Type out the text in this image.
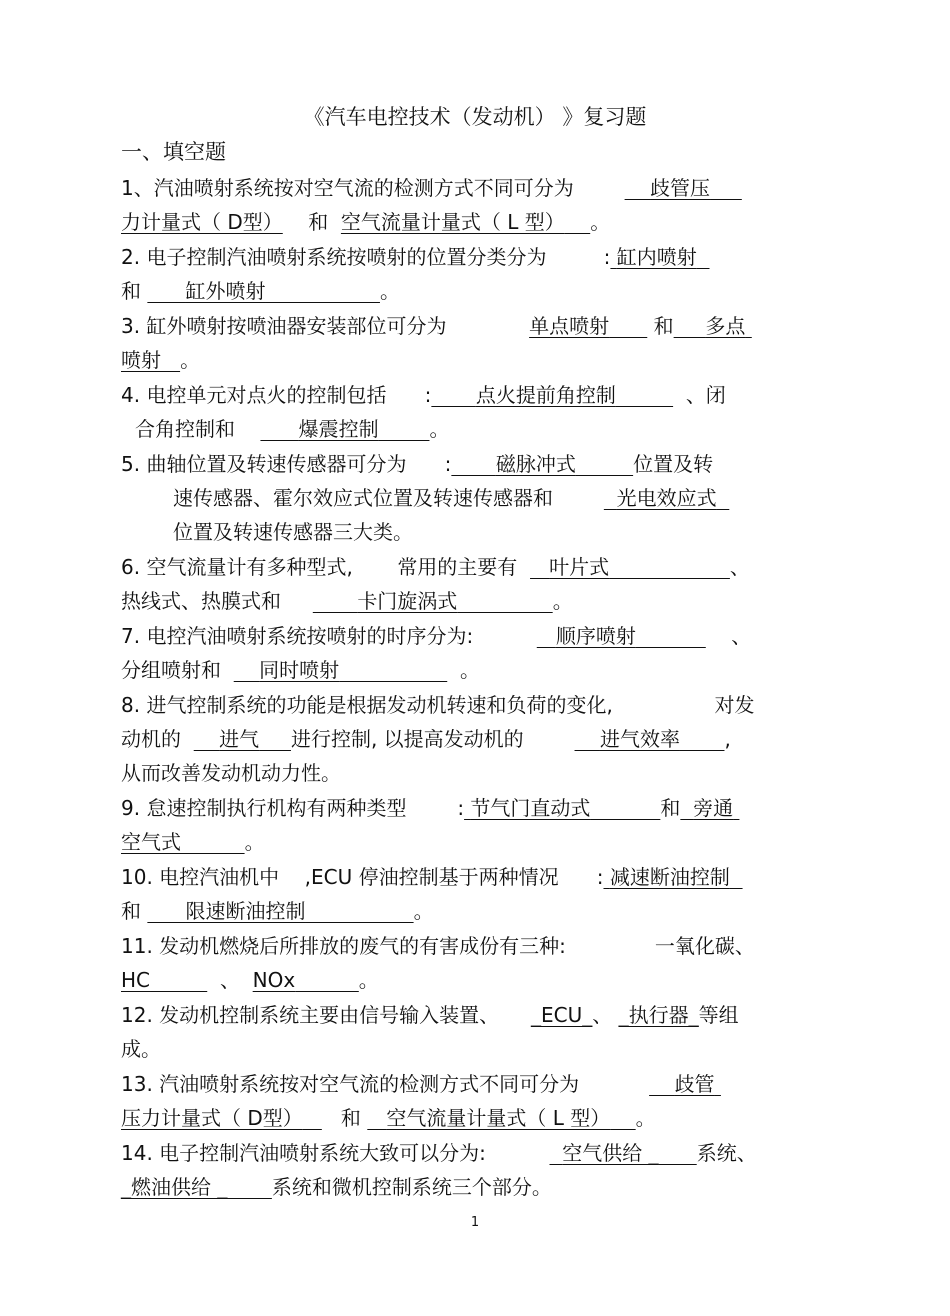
《汽车电控技术（发动机） 》复习题
一、填空题
1、汽油喷射系统按对空气流的检测方式不同可分为	歧管压
力计量式（ D型） 和 空气流量计量式（ L 型） 。
2. 电子控制汽油喷射系统按喷射的位置分类分为	: 缸内喷射
和 缸外喷射	。
3. 缸外喷射按喷油器安装部位可分为	单点喷射 和 多点
喷射 。
4. 电控单元对点火的控制包括 : 点火提前角控制	、闭
合角控制和	爆震控制	。
5. 曲轴位置及转速传感器可分为 : 磁脉冲式	位置及转
速传感器、霍尔效应式位置及转速传感器和	光电效应式
位置及转速传感器三大类。
6. 空气流量计有多种型式, 常用的主要有 叶片式	、
热线式、热膜式和	卡门旋涡式	。
7. 电控汽油喷射系统按喷射的时序分为:	顺序喷射	、
分组喷射和 同时喷射	。
8. 进气控制系统的功能是根据发动机转速和负荷的变化,	对发
动机的 进气 进行控制, 以提高发动机的	进气效率 ,
从而改善发动机动力性。
9. 怠速控制执行机构有两种类型	: 节气门直动式	和 旁通
空气式	。
10. 电控汽油机中 ,ECU 停油控制基于两种情况 : 减速断油控制
和 限速断油控制	。
11. 发动机燃烧后所排放的废气的有害成份有三种:	一氧化碳、
HC	、 NOx	。
12. 发动机控制系统主要由信号输入装置、 _ECU_、 _执行器_等组
成。
13. 汽油喷射系统按对空气流的检测方式不同可分为	歧管
压力计量式（ D型） 和 空气流量计量式（ L 型） 。
14. 电子控制汽油喷射系统大致可以分为:	空气供给 _ 系统、
_燃油供给 _ 系统和微机控制系统三个部分。
1
